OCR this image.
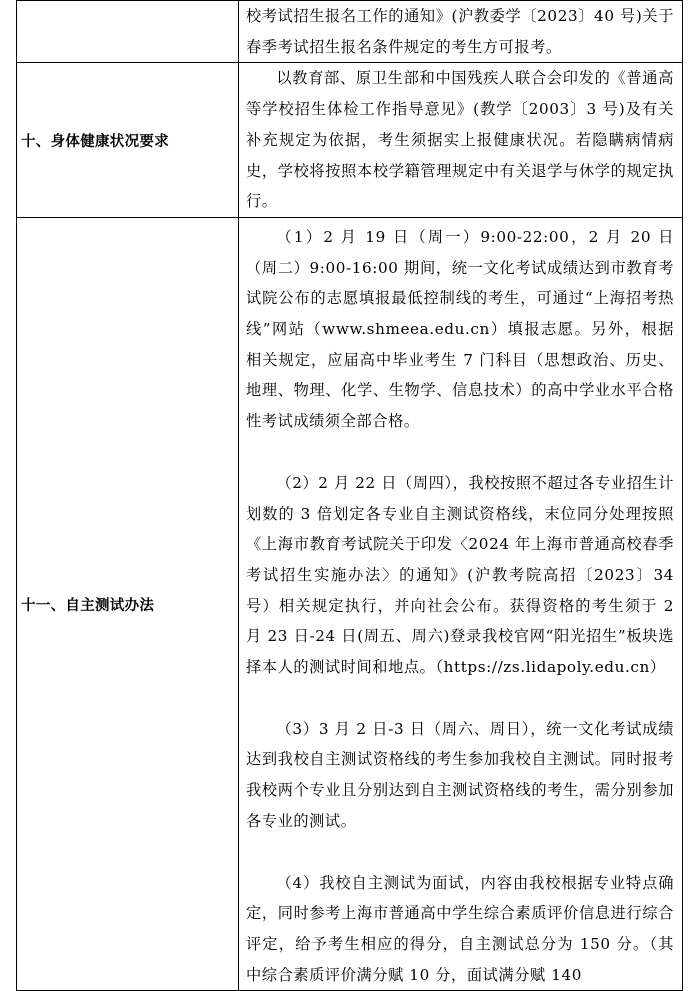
	校考试招生报名工作的通知》(沪教委学〔2023〕40 号)关于春季考试招生报名条件规定的考生方可报考。

十、身体健康状况要求	以教育部、原卫生部和中国残疾人联合会印发的《普通高等学校招生体检工作指导意见》(教学〔2003〕3 号)及有关补充规定为依据，考生须据实上报健康状况。若隐瞒病情病史，学校将按照本校学籍管理规定中有关退学与休学的规定执行。

十一、自主测试办法	（1）2 月 19 日（周一）9:00-22:00，2 月 20 日（周二）9:00-16:00 期间，统一文化考试成绩达到市教育考试院公布的志愿填报最低控制线的考生，可通过“上海招考热线”网站（www.shmeea.edu.cn）填报志愿。另外，根据相关规定，应届高中毕业考生 7 门科目（思想政治、历史、地理、物理、化学、生物学、信息技术）的高中学业水平合格性考试成绩须全部合格。
（2）2 月 22 日（周四），我校按照不超过各专业招生计划数的 3 倍划定各专业自主测试资格线，末位同分处理按照《上海市教育考试院关于印发〈2024 年上海市普通高校春季考试招生实施办法〉的通知》(沪教考院高招〔2023〕34 号）相关规定执行，并向社会公布。获得资格的考生须于 2 月 23 日-24 日(周五、周六)登录我校官网“阳光招生”板块选择本人的测试时间和地点。（https://zs.lidapoly.edu.cn）
（3）3 月 2 日-3 日（周六、周日），统一文化考试成绩达到我校自主测试资格线的考生参加我校自主测试。同时报考我校两个专业且分别达到自主测试资格线的考生，需分别参加各专业的测试。
（4）我校自主测试为面试，内容由我校根据专业特点确定，同时参考上海市普通高中学生综合素质评价信息进行综合评定，给予考生相应的得分，自主测试总分为 150 分。（其中综合素质评价满分赋 10 分，面试满分赋 140
